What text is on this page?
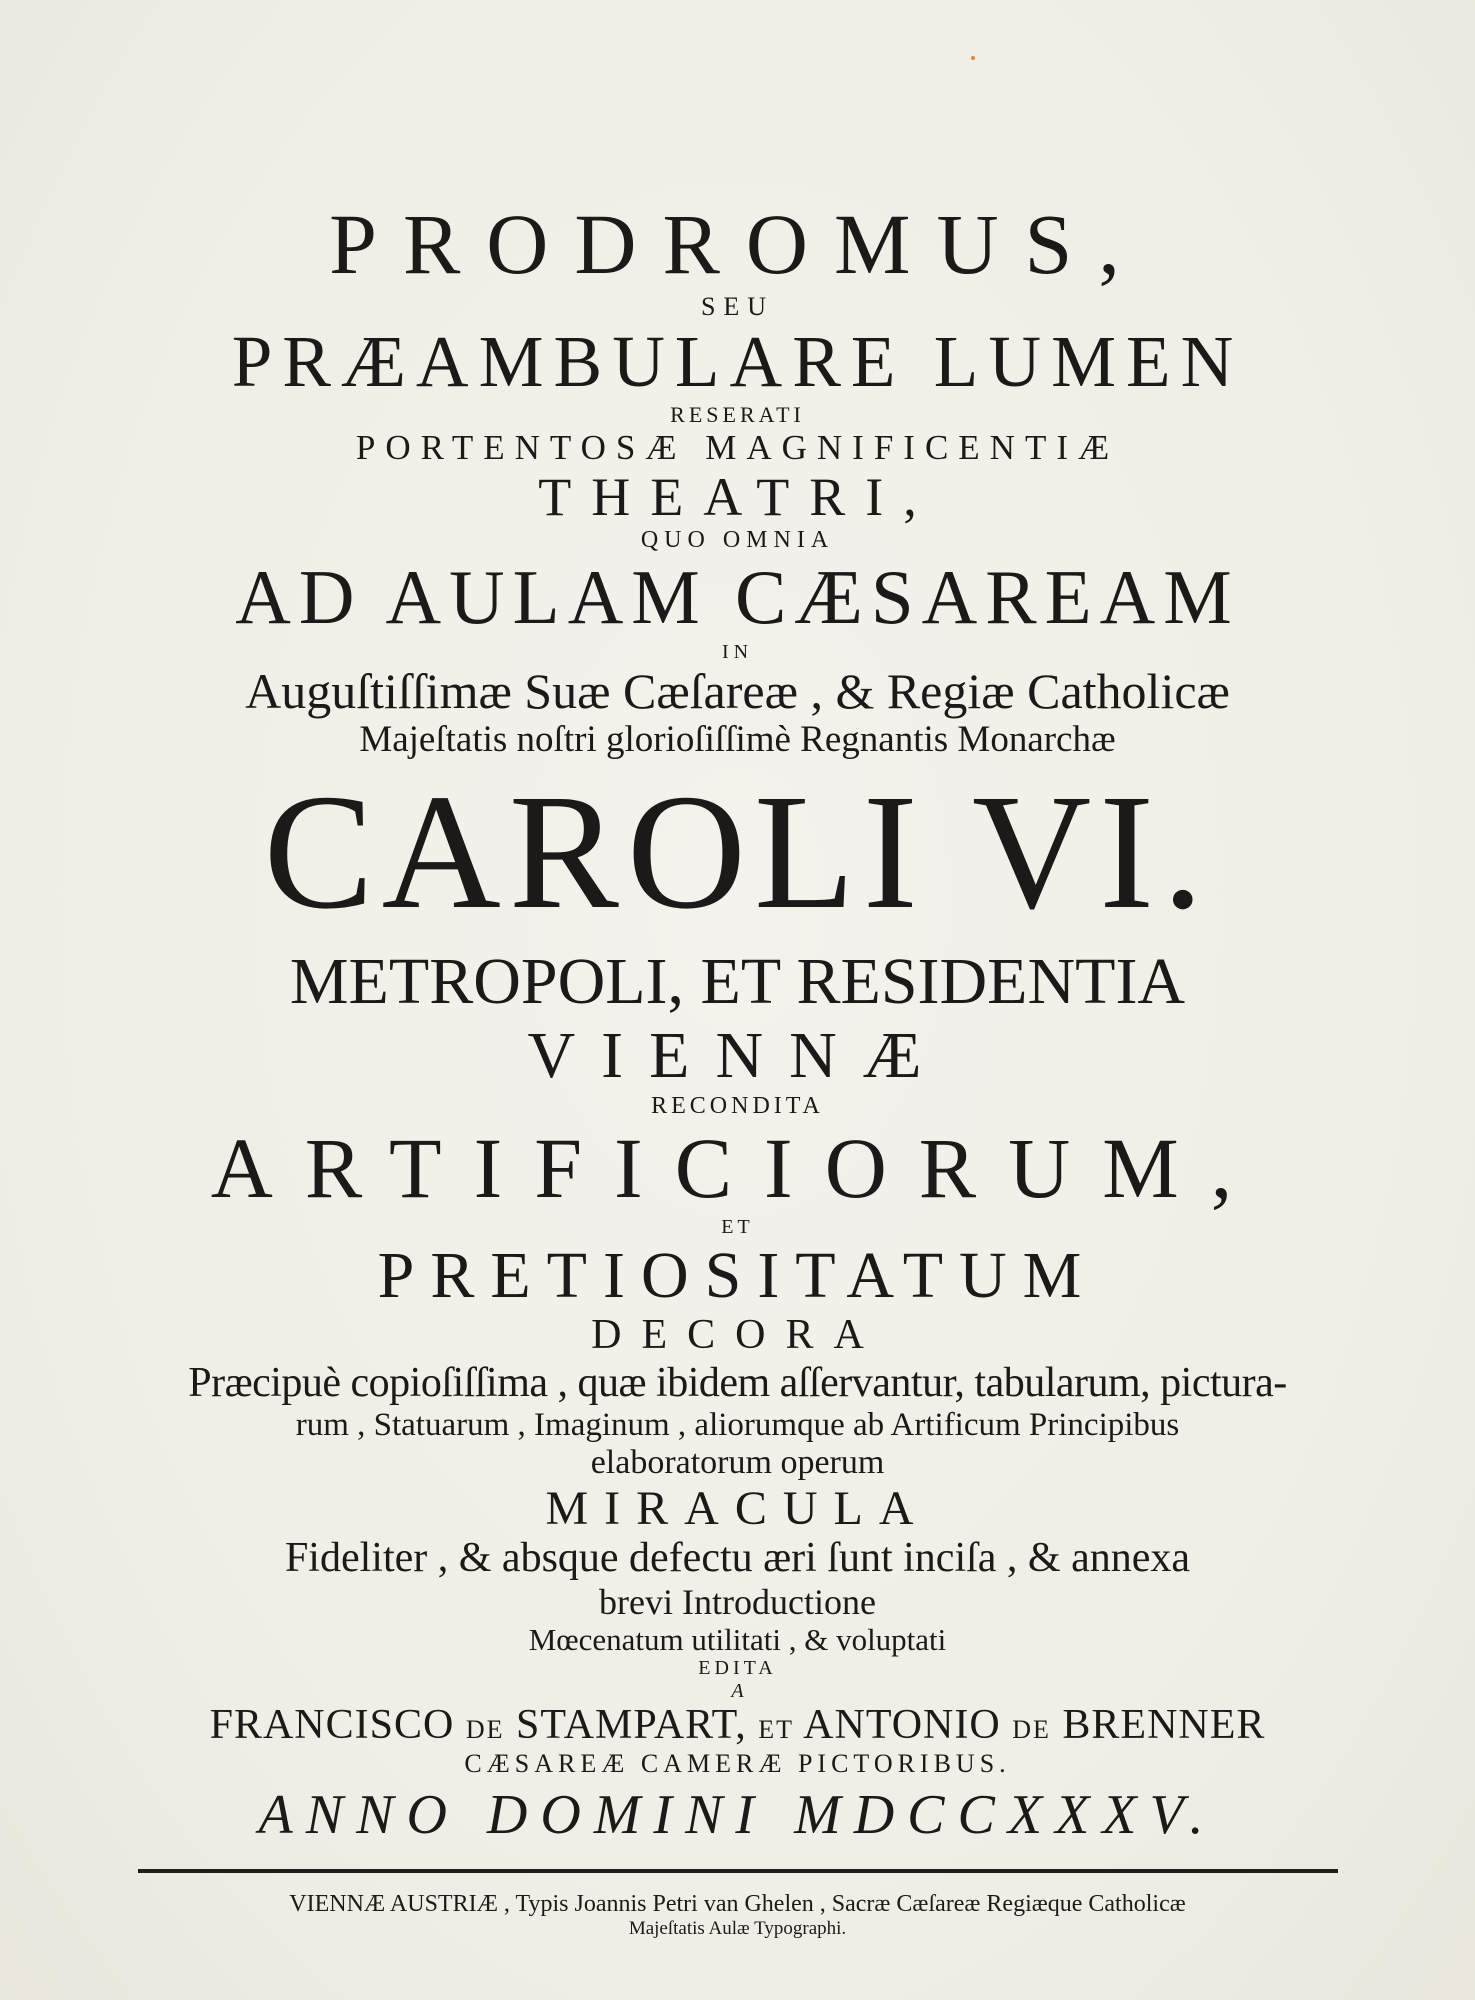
PRODROMUS,
SEU
PRÆAMBULARE LUMEN
RESERATI
PORTENTOSÆ MAGNIFICENTIÆ
THEATRI,
QUO OMNIA
AD AULAM CÆSAREAM
IN
Auguſtiſſimæ Suæ Cæſareæ , & Regiæ Catholicæ
Majeſtatis noſtri glorioſiſſimè Regnantis Monarchæ
CAROLI VI.
METROPOLI, ET RESIDENTIA
VIENNÆ
RECONDITA
ARTIFICIORUM,
ET
PRETIOSITATUM
DECORA
Præcipuè copioſiſſima , quæ ibidem aſſervantur, tabularum, pictura-
rum , Statuarum , Imaginum , aliorumque ab Artificum Principibus
elaboratorum operum
MIRACULA
Fideliter , & absque defectu æri ſunt inciſa , & annexa
brevi Introductione
Mœcenatum utilitati , & voluptati
EDITA
A
FRANCISCO DE STAMPART, ET ANTONIO DE BRENNER
CÆSAREÆ CAMERÆ PICTORIBUS.
ANNO DOMINI MDCCXXXV.
VIENNÆ AUSTRIÆ , Typis Joannis Petri van Ghelen , Sacræ Cæſareæ Regiæque Catholicæ
Majeſtatis Aulæ Typographi.
